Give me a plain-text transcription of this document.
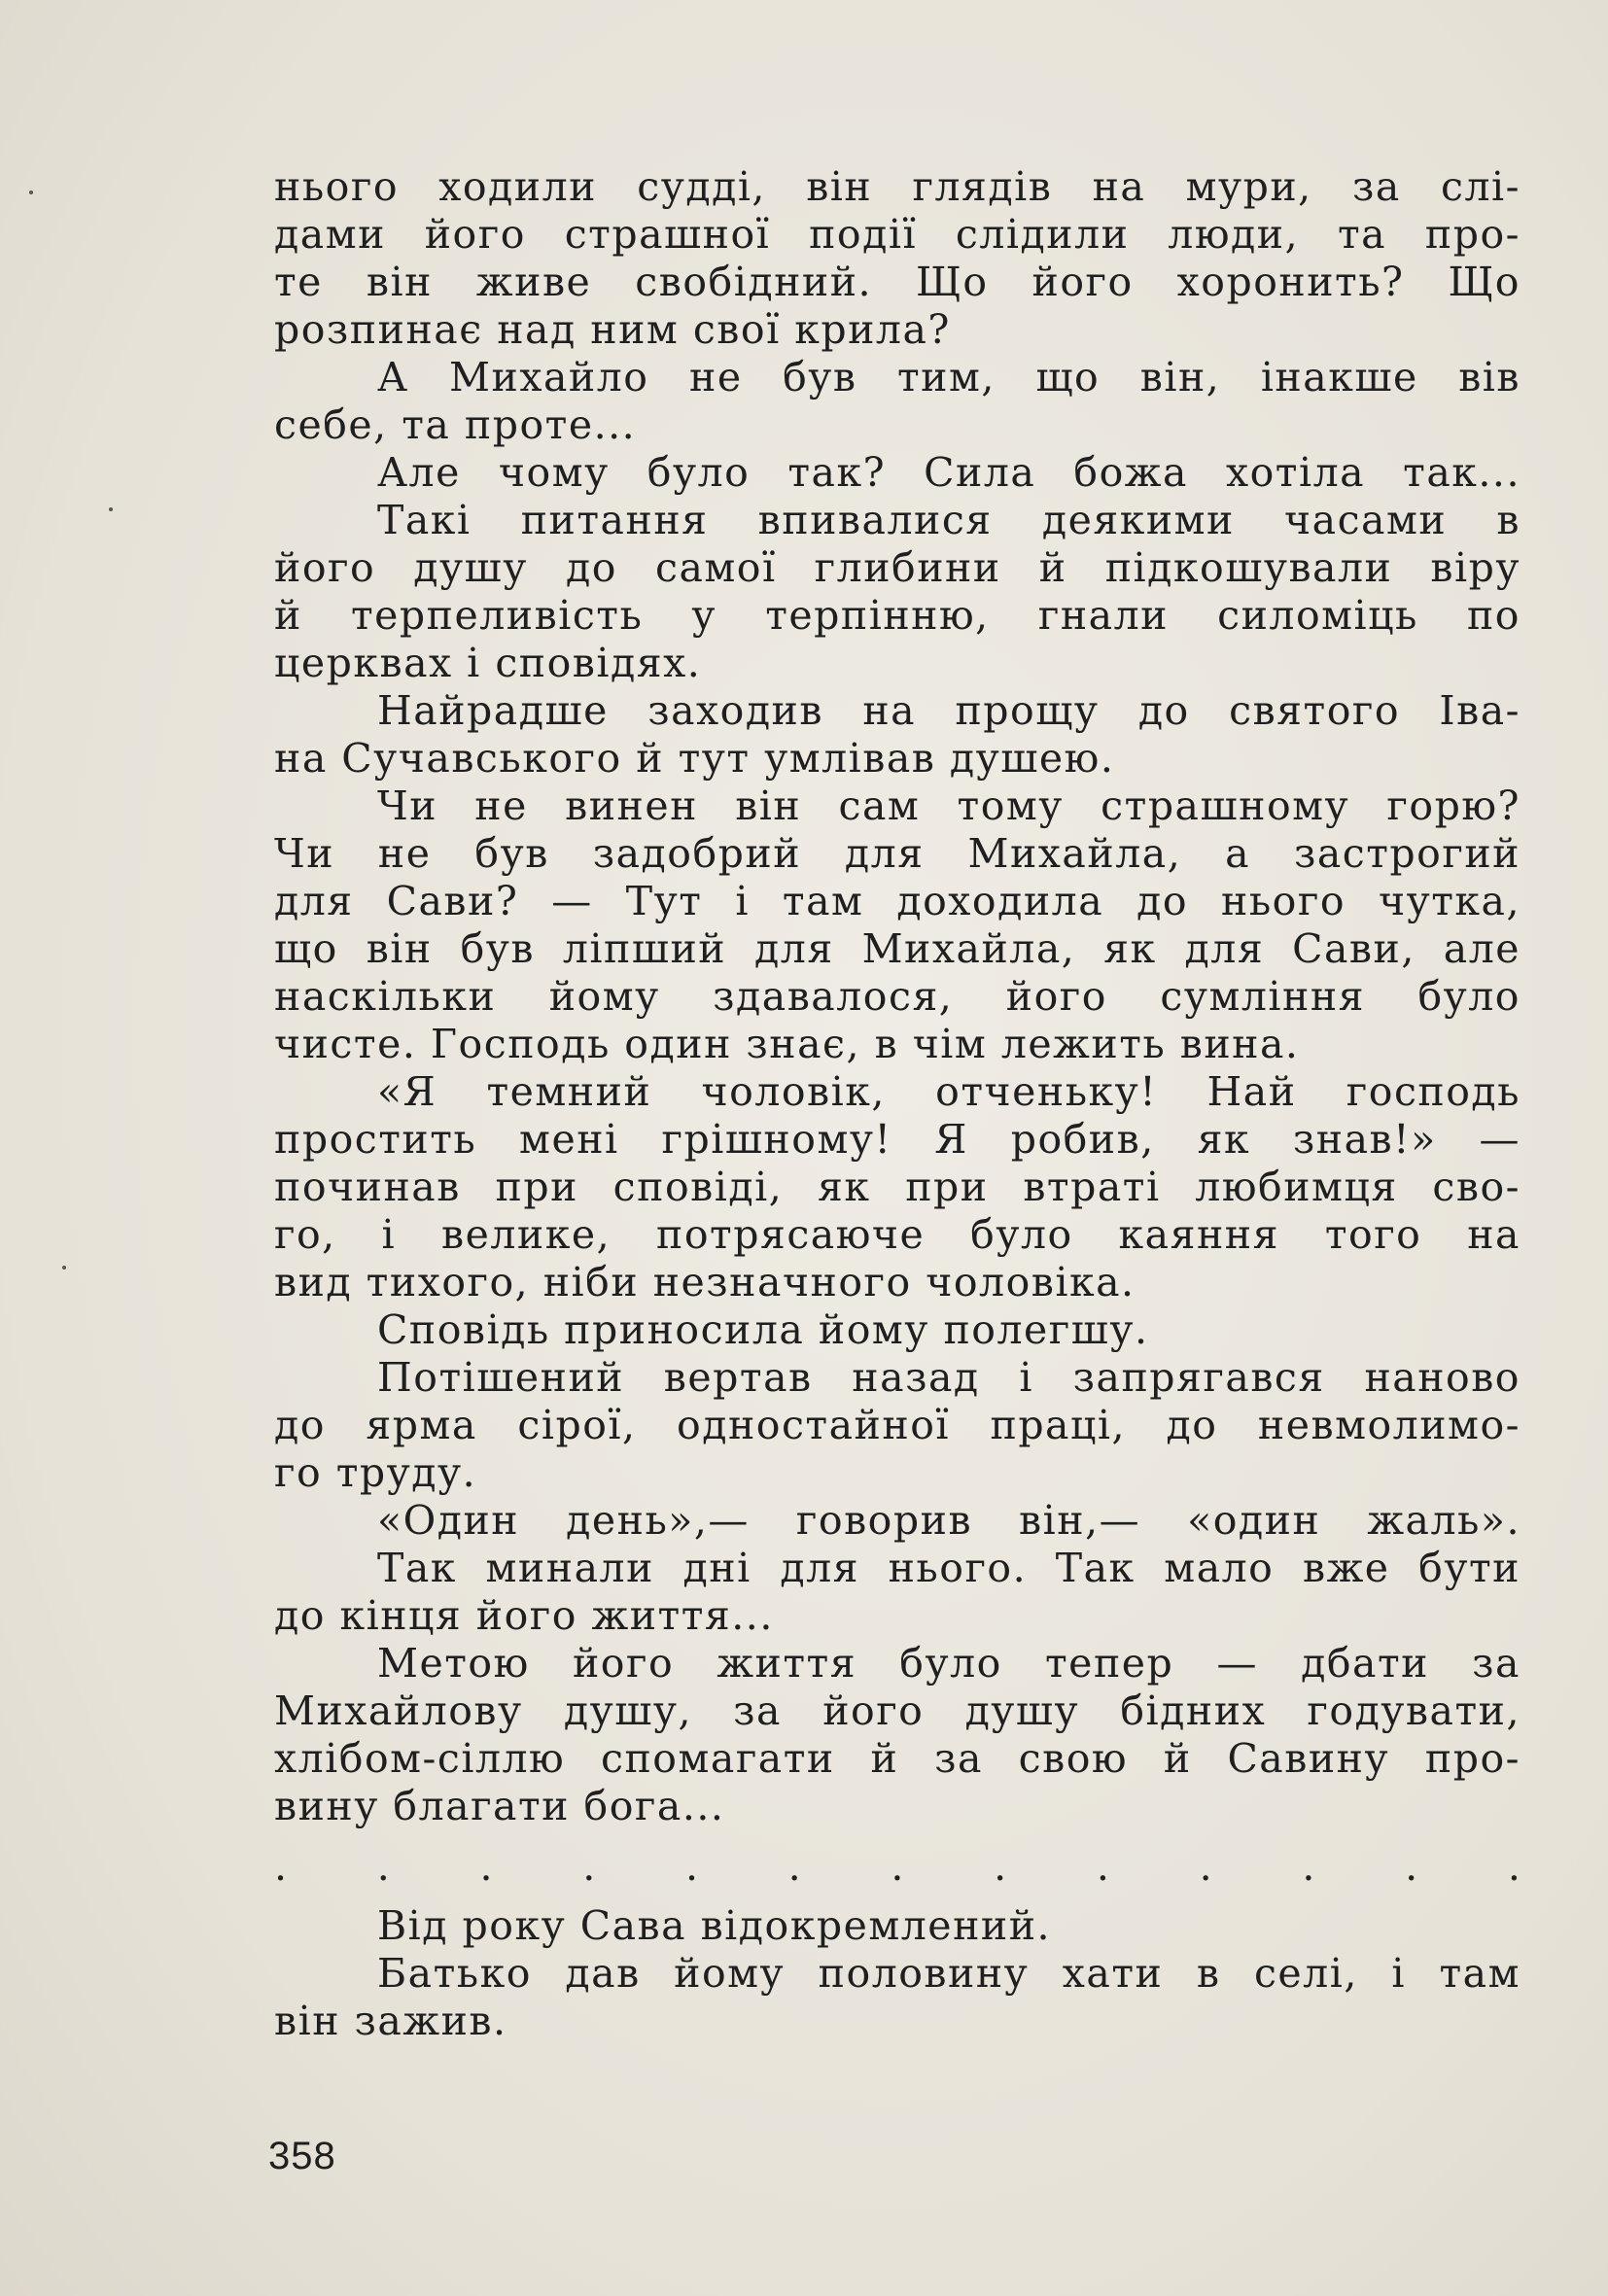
нього ходили судді, він глядів на мури, за слі-
дами його страшної події слідили люди, та про-
те він живе свобідний. Що його хоронить? Що
розпинає над ним свої крила?
А Михайло не був тим, що він, інакше вів
себе, та проте...
Але чому було так? Сила божа хотіла так...
Такі питання впивалися деякими часами в
його душу до самої глибини й підкошували віру
й терпеливість у терпінню, гнали силоміць по
церквах і сповідях.
Найрадше заходив на прощу до святого Іва-
на Сучавського й тут умлівав душею.
Чи не винен він сам тому страшному горю?
Чи не був задобрий для Михайла, а застрогий
для Сави? — Тут і там доходила до нього чутка,
що він був ліпший для Михайла, як для Сави, але
наскільки йому здавалося, його сумління було
чисте. Господь один знає, в чім лежить вина.
«Я темний чоловік, отченьку! Най господь
простить мені грішному! Я робив, як знав!» —
починав при сповіді, як при втраті любимця сво-
го, і велике, потрясаюче було каяння того на
вид тихого, ніби незначного чоловіка.
Сповідь приносила йому полегшу.
Потішений вертав назад і запрягався наново
до ярма сірої, одностайної праці, до невмолимо-
го труду.
«Один день»,— говорив він,— «один жаль».
Так минали дні для нього. Так мало вже бути
до кінця його життя...
Метою його життя було тепер — дбати за
Михайлову душу, за його душу бідних годувати,
хлібом-сіллю спомагати й за свою й Савину про-
вину благати бога...
. . . . . . . . . . . . .
Від року Сава відокремлений.
Батько дав йому половину хати в селі, і там
він зажив.
358
